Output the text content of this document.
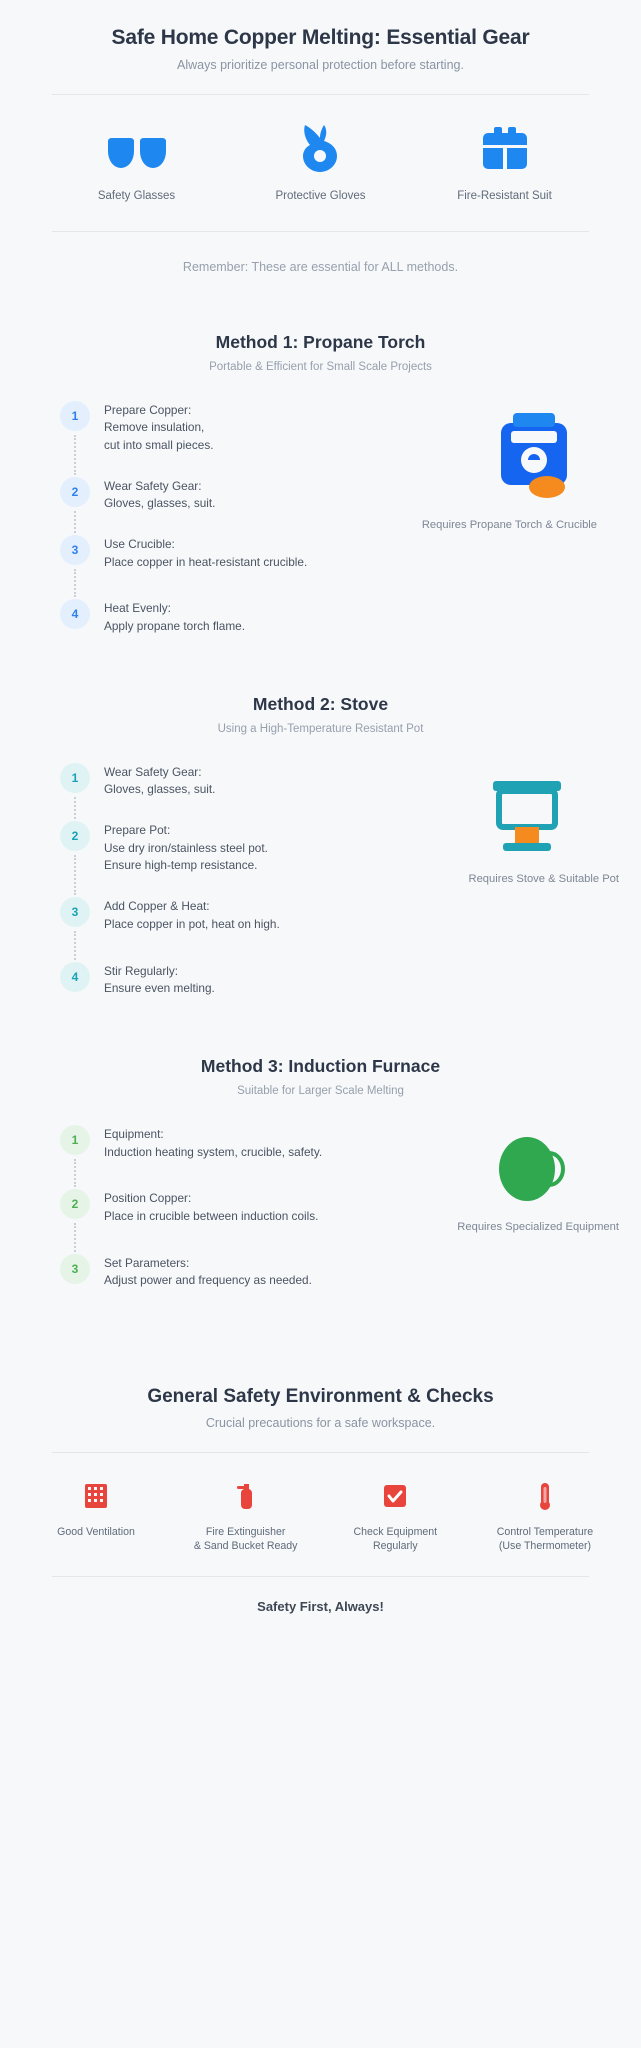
Safe Home Copper Melting: Essential Gear

Always prioritize personal protection before starting.

Safety Glasses	Protective Gloves	Fire-Resistant Suit
Remember: These are essential for ALL methods.
Method 1: Propane Torch

Portable & Efficient for Small Scale Projects

Requires Propane Torch & Crucible
1	Prepare Copper:
Remove insulation,
cut into small pieces.
2	Wear Safety Gear:
Gloves, glasses, suit.
3	Use Crucible:
Place copper in heat-resistant crucible.
4	Heat Evenly:
Apply propane torch flame.
Method 2: Stove

Using a High-Temperature Resistant Pot

Requires Stove & Suitable Pot
1	Wear Safety Gear:
Gloves, glasses, suit.
2	Prepare Pot:
Use dry iron/stainless steel pot.
Ensure high-temp resistance.
3	Add Copper & Heat:
Place copper in pot, heat on high.
4	Stir Regularly:
Ensure even melting.
Method 3: Induction Furnace

Suitable for Larger Scale Melting

Requires Specialized Equipment
1	Equipment:
Induction heating system, crucible, safety.
2	Position Copper:
Place in crucible between induction coils.
3	Set Parameters:
Adjust power and frequency as needed.
General Safety Environment & Checks

Crucial precautions for a safe workspace.

Good Ventilation	Fire Extinguisher
& Sand Bucket Ready
Check Equipment
Regularly
Control Temperature
(Use Thermometer)
Safety First, Always!
